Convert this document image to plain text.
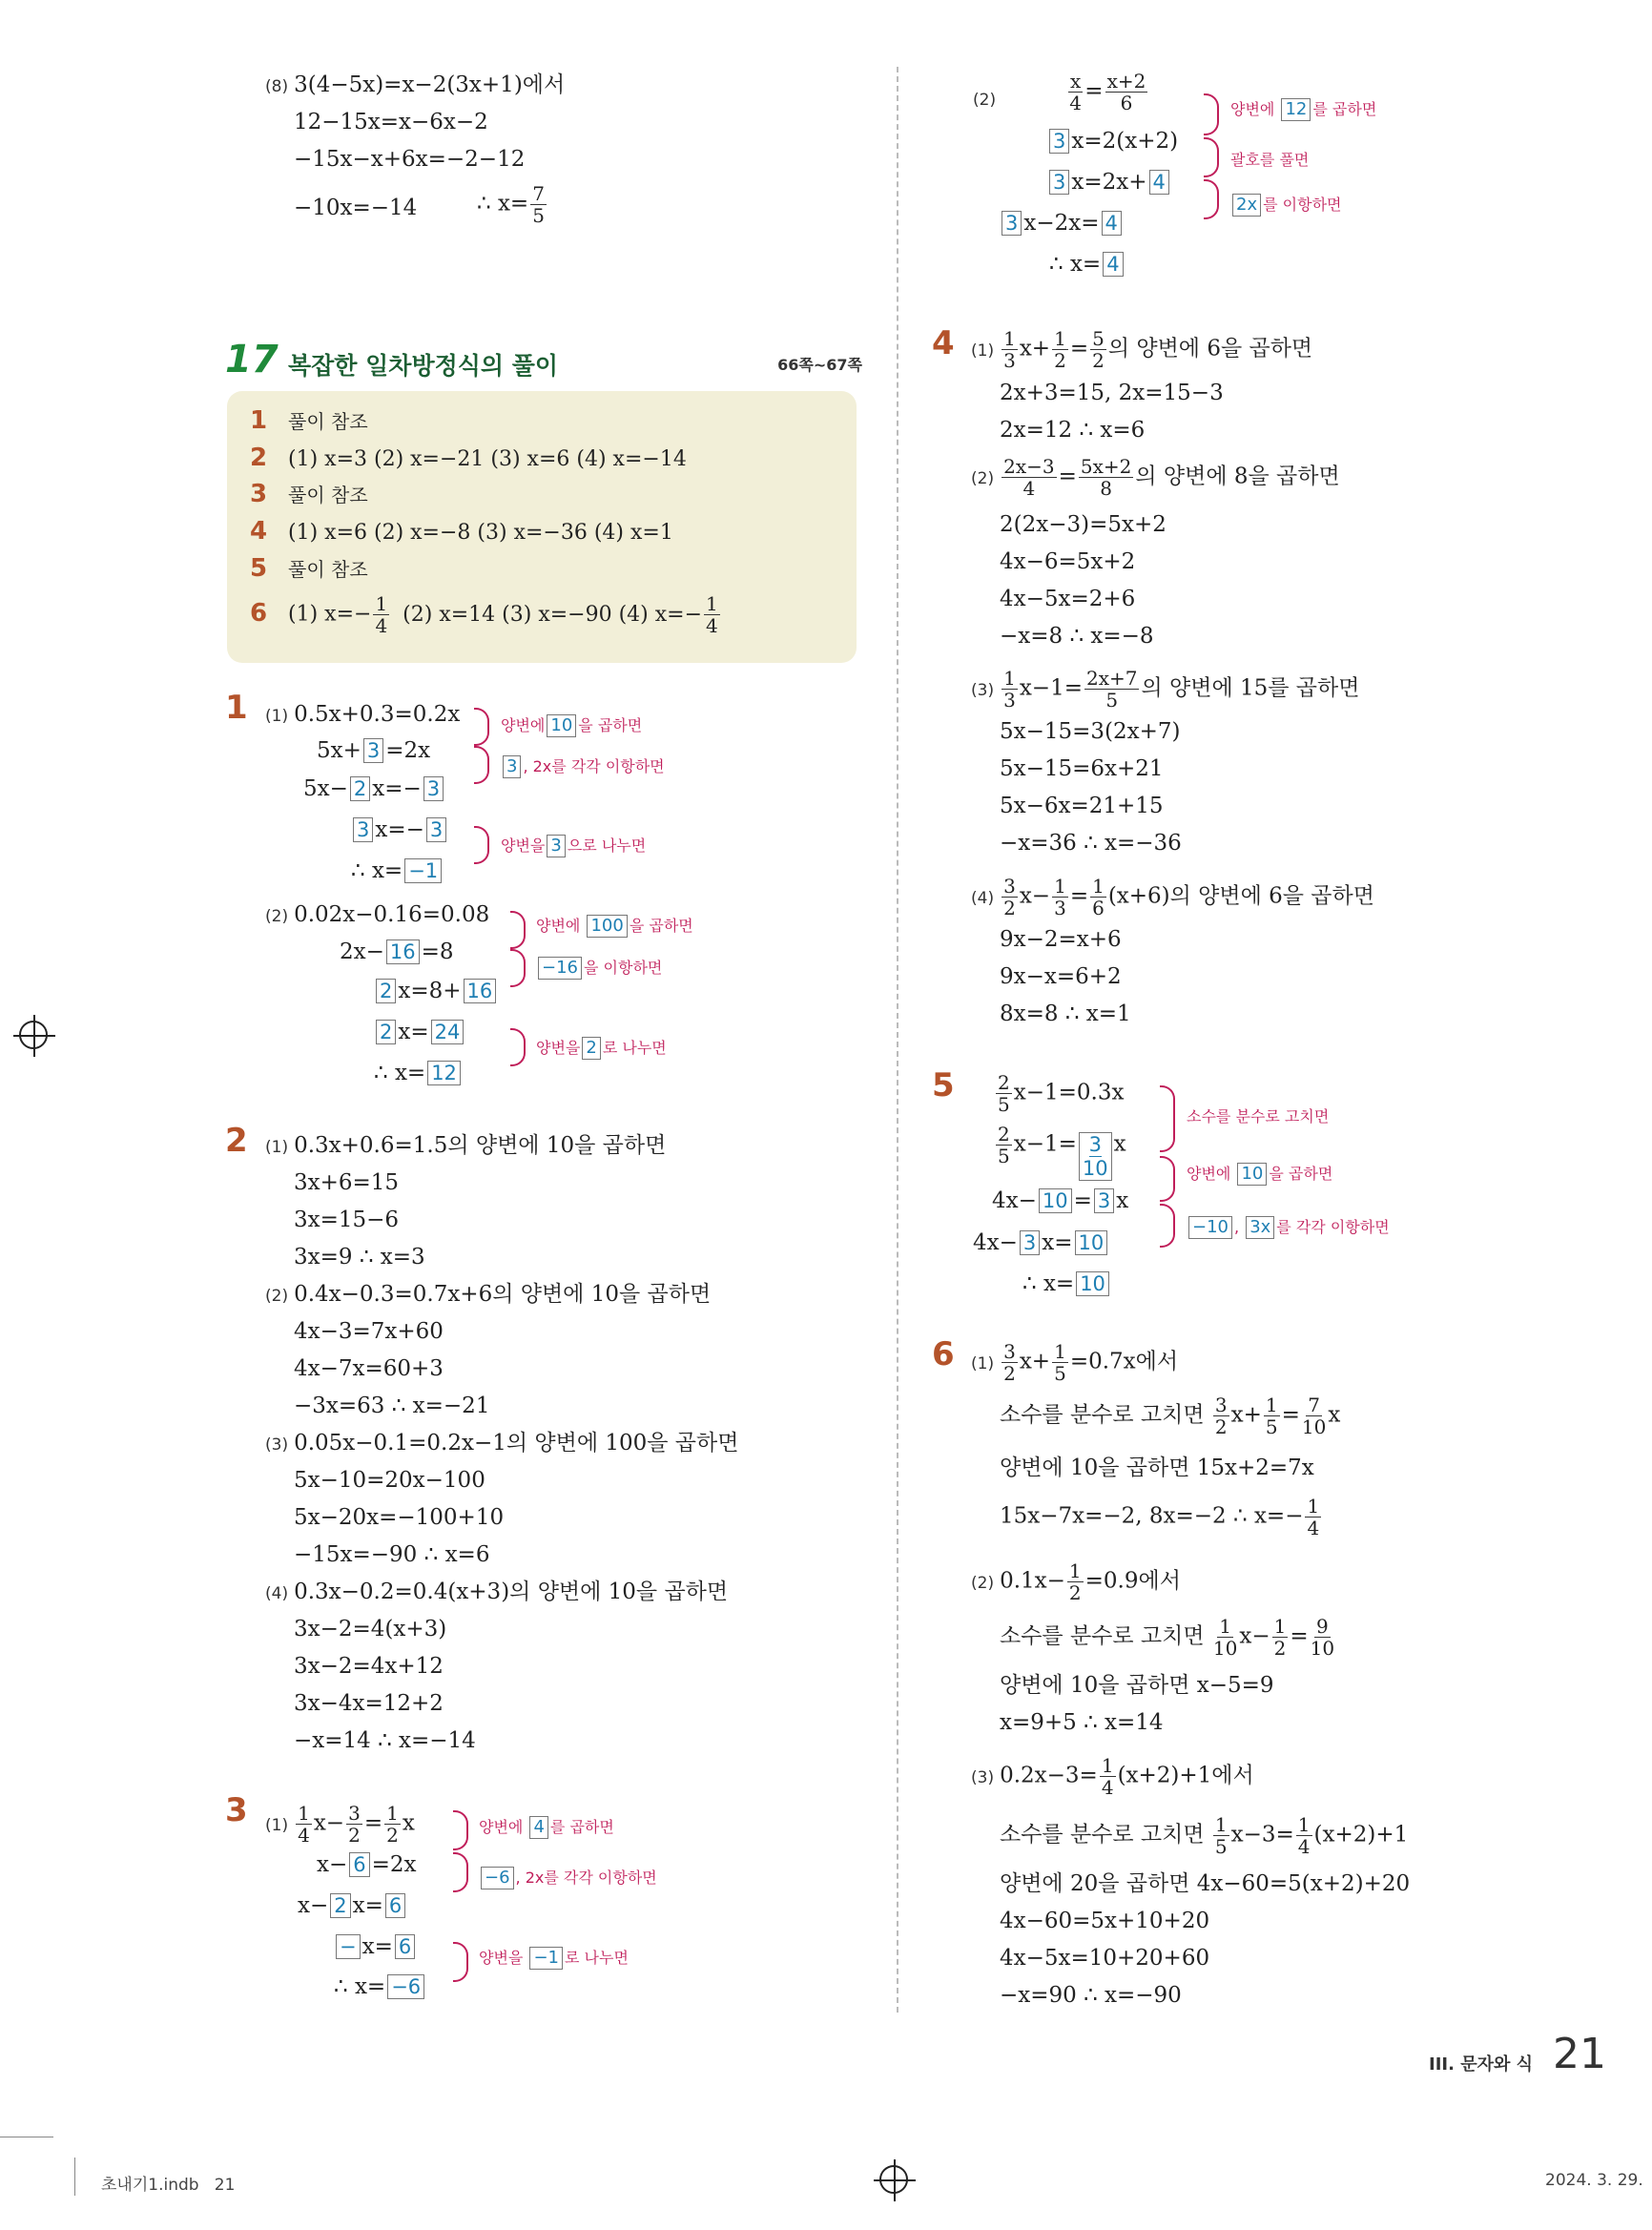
(8) 3(4−5x)=x−2(3x+1)에서
12−15x=x−6x−2
−15x−x+6x=−2−12
−10x=−14	∴ $x= \frac{7}{5}$
17 복잡한 일차방정식의 풀이	66쪽~67쪽
1 풀이 참조
2 (1) x=3 (2) x=−21 (3) x=6 (4) x=−14
3 풀이 참조
4 (1) x=6 (2) x=−8 (3) x=−36 (4) x=1
5 풀이 참조
6 (1) $x=- \frac{1}{4} (2)$ x=14 (3) x=−90 (4) $x=- \frac{1}{4}$
1 (1) 0.5x+0.3=0.2x
5x+ 3 =2x
5x− 2 x=− 3
3 x=− 3
∴ x= −1
양변에 10 을 곱하면
3 , 2x를 각각 이항하면
양변을 3 으로 나누면
(2) 0.02x−0.16=0.08
2x− 16 =8
2 x=8+ 16
2 x= 24
∴ x= 12
양변에 100 을 곱하면
−16 을 이항하면
양변을 2 로 나누면
2 (1) 0.3x+0.6=1.5의 양변에 10을 곱하면
3x+6=15
3x=15−6
3x=9 ∴ x=3
(2) 0.4x−0.3=0.7x+6의 양변에 10을 곱하면
4x−3=7x+60
4x−7x=60+3
−3x=63 ∴ x=−21
(3) 0.05x−0.1=0.2x−1의 양변에 100을 곱하면
5x−10=20x−100
5x−20x=−100+10
−15x=−90 ∴ x=6
(4) 0.3x−0.2=0.4(x+3)의 양변에 10을 곱하면
3x−2=4(x+3)
3x−2=4x+12
3x−4x=12+2
−x=14 ∴ x=−14
3 $(1) \frac{1}{4} x- \frac{3}{2} = \frac{1}{2}$ x
x− 6 =2x
x− 2 x= 6
− x= 6
∴ x= −6
양변에 4 를 곱하면
−6 , 2x를 각각 이항하면
양변을 −1 로 나누면
(2)	$\frac{x}{4} = \frac{x+2}{6}$
3 x=2(x+2)
3 x=2x+ 4
3 x−2x= 4
∴ x= 4
양변에 12 를 곱하면
괄호를 풀면
2x 를 이항하면
4 $(1) \frac{1}{3} x+ \frac{1}{2} = \frac{5}{2}$ 의 양변에 6을 곱하면
2x+3=15, 2x=15−3
2x=12 ∴ x=6
$(2) \frac{2x-3}{4} = \frac{5x+2}{8}$ 의 양변에 8을 곱하면
2(2x−3)=5x+2
4x−6=5x+2
4x−5x=2+6
−x=8 ∴ x=−8
$(3) \frac{1}{3} x-1= \frac{2x+7}{5}$ 의 양변에 15를 곱하면
5x−15=3(2x+7)
5x−15=6x+21
5x−6x=21+15
−x=36 ∴ x=−36
$(4) \frac{3}{2} x- \frac{1}{3} = \frac{1}{6} (x+6)$의 양변에 6을 곱하면
9x−2=x+6
9x−x=6+2
8x=8 ∴ x=1
$5 \frac{2}{5} x-1=0.3x$
$\frac{2}{5} x-1= \frac{3}{10}$ x
4x− 10 = 3 x
4x− 3 x= 10
∴ x= 10
소수를 분수로 고치면
양변에 10 을 곱하면
−10 , 3x 를 각각 이항하면
6 $(1) \frac{3}{2} x+ \frac{1}{5} =0.7x$에서
소수를 분수로 고치면 $\frac{3}{2} x+ \frac{1}{5} = \frac{7}{10}$ x
양변에 10을 곱하면 15x+2=7x
15x−7x=−2, 8x=−2 ∴ $x=- \frac{1}{4}$
(2) $0.1x- \frac{1}{2} =0.9$에서
소수를 분수로 고치면 $\frac{1}{10} x- \frac{1}{2} = \frac{9}{10}$
양변에 10을 곱하면 x−5=9
x=9+5 ∴ x=14
(3) $0.2x-3= \frac{1}{4} (x+2)+1$에서
소수를 분수로 고치면 $\frac{1}{5} x-3= \frac{1}{4} (x+2)+1$
양변에 20을 곱하면 4x−60=5(x+2)+20
4x−60=5x+10+20
4x−5x=10+20+60
−x=90 ∴ x=−90
III. 문자와 식 21
초내기1.indb   21	2024. 3. 29.
